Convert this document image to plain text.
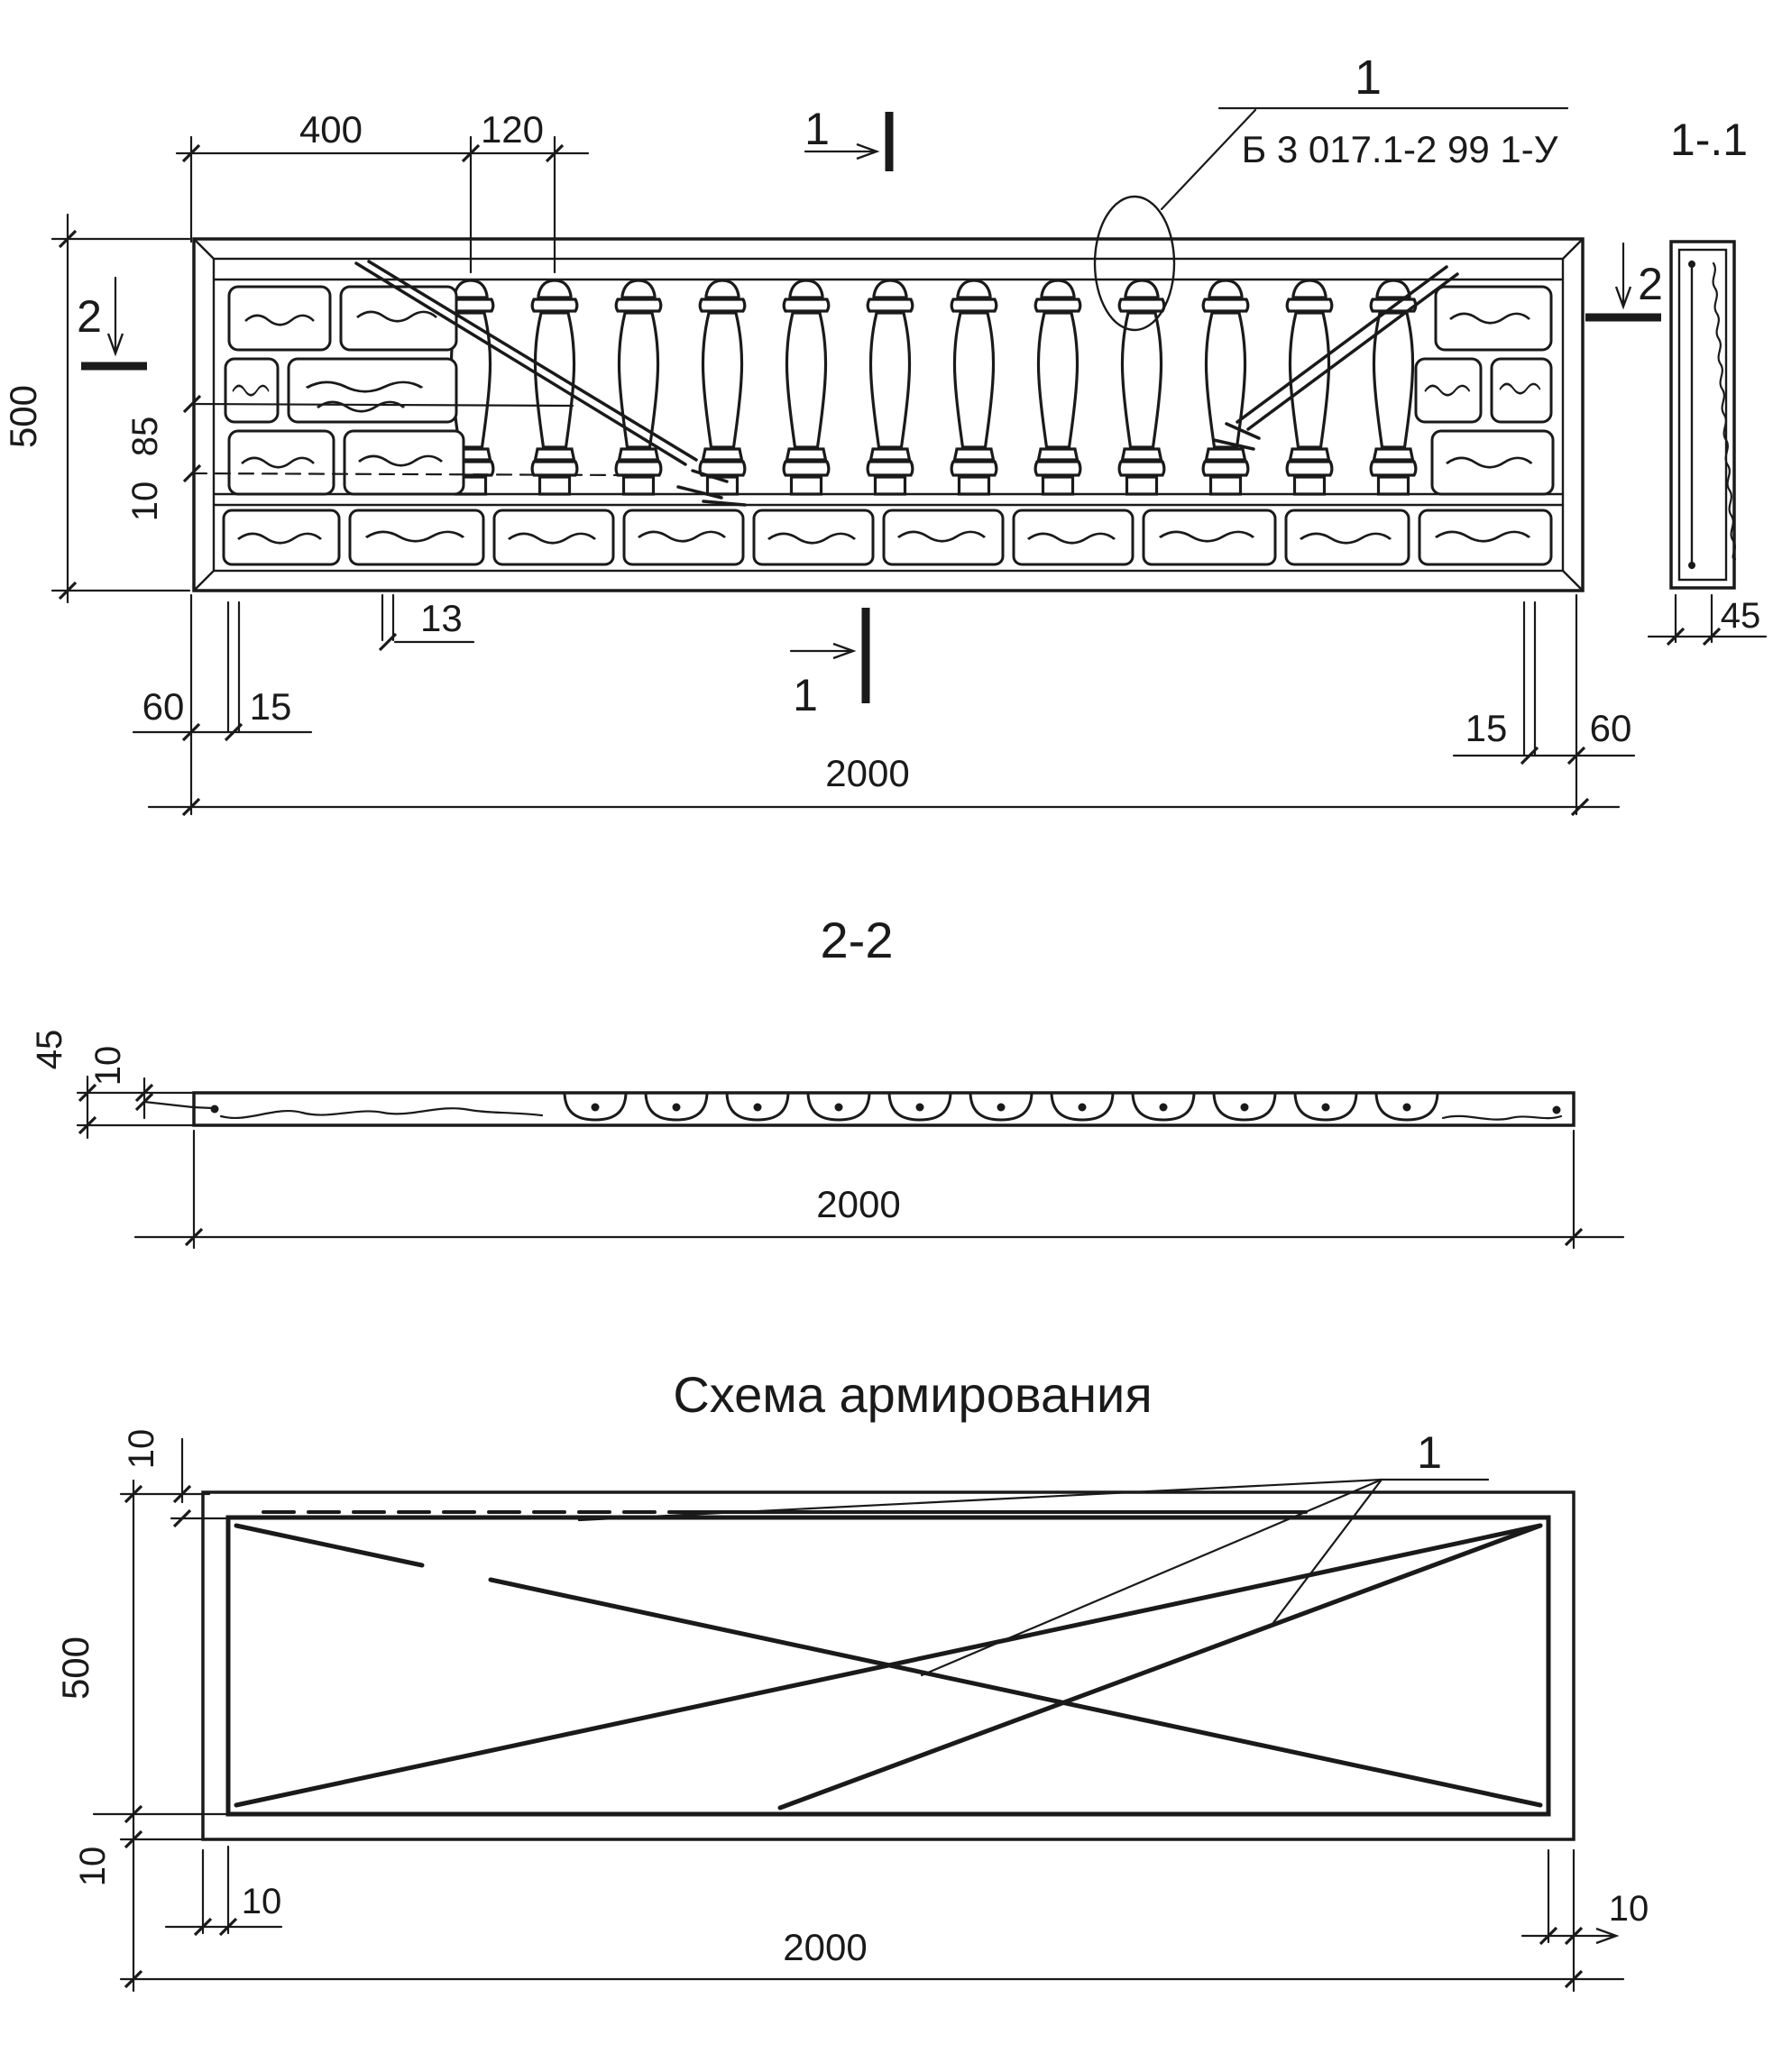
1
Б 3 017.1-2 99 1-У
400	120
500 85
10
13
60 15
15 60
2000
1
1
2
2
1-.1
45
2-2
45 10
2000
Схема армирования
1
10
500
10
10	10
2000
